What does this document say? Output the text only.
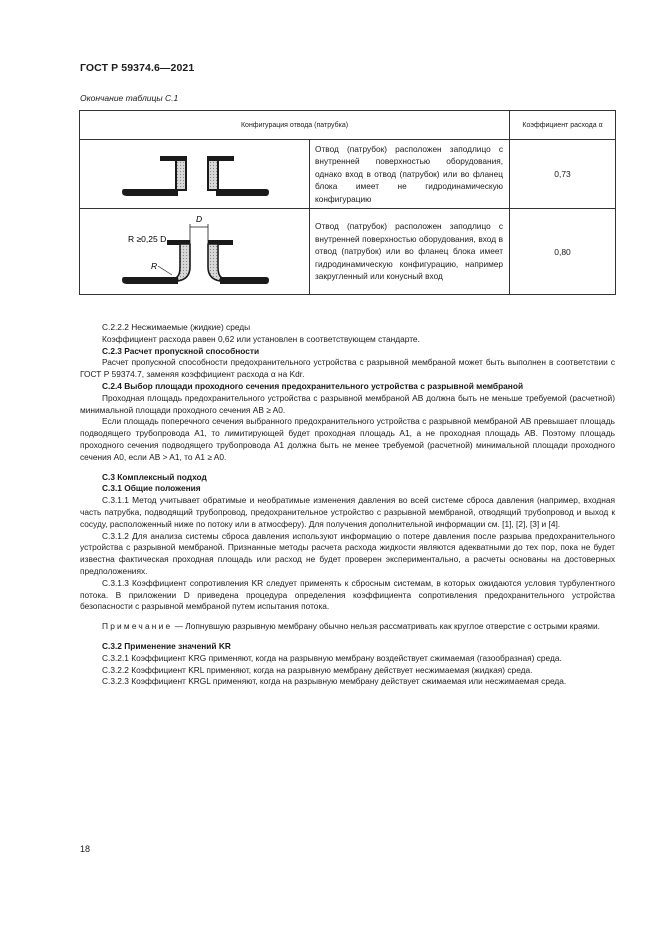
ГОСТ Р 59374.6—2021
Окончание таблицы С.1
Конфигурация отвода (патрубка)		Коэффициент расхода α

	Отвод (патрубок) расположен заподлицо с внутренней поверхностью оборудования, однако вход в отвод (патрубок) или во фланец блока имеет не гидродинамическую конфигурацию	0,73

D
R ≥0,25 D
R	Отвод (патрубок) расположен заподлицо с внутренней поверхностью оборудования, вход в отвод (патрубок) или во фланец блока имеет гидродинамическую конфигурацию, например закругленный или конусный вход	0,80

С.2.2.2 Несжимаемые (жидкие) среды

Коэффициент расхода равен 0,62 или установлен в соответствующем стандарте.

С.2.3 Расчет пропускной способности

Расчет пропускной способности предохранительного устройства с разрывной мембраной может быть выполнен в соответствии с ГОСТ Р 59374.7, заменяя коэффициент расхода α на Kdr.

С.2.4 Выбор площади проходного сечения предохранительного устройства с разрывной мембраной

Проходная площадь предохранительного устройства с разрывной мембраной AB должна быть не меньше требуемой (расчетной) минимальной площади проходного сечения AB ≥ A0.

Если площадь поперечного сечения выбранного предохранительного устройства с разрывной мембраной AB превышает площадь подводящего трубопровода A1, то лимитирующей будет проходная площадь A1, а не проходная площадь AB. Поэтому площадь проходного сечения подводящего трубопровода A1 должна быть не менее требуемой (расчетной) минимальной площади проходного сечения A0, если AB > A1, то A1 ≥ A0.

С.3 Комплексный подход

С.3.1 Общие положения

С.3.1.1 Метод учитывает обратимые и необратимые изменения давления во всей системе сброса давления (например, входная часть патрубка, подводящий трубопровод, предохранительное устройство с разрывной мембраной, отводящий трубопровод и выход к сосуду, расположенный ниже по потоку или в атмосферу). Для получения дополнительной информации см. [1], [2], [3] и [4].

С.3.1.2 Для анализа системы сброса давления используют информацию о потере давления после разрыва предохранительного устройства с разрывной мембраной. Признанные методы расчета расхода жидкости являются адекватными до тех пор, пока не будет известна фактическая проходная площадь или расход не будет проверен экспериментально, а расчеты основаны на достоверных предположениях.

С.3.1.3 Коэффициент сопротивления KR следует применять к сбросным системам, в которых ожидаются условия турбулентного потока. В приложении D приведена процедура определения коэффициента сопротивления предохранительного устройства безопасности с разрывной мембраной путем испытания потока.

Примечание — Лопнувшую разрывную мембрану обычно нельзя рассматривать как круглое отверстие с острыми краями.

С.3.2 Применение значений KR

С.3.2.1 Коэффициент KRG применяют, когда на разрывную мембрану воздействует сжимаемая (газообразная) среда.

С.3.2.2 Коэффициент KRL применяют, когда на разрывную мембрану действует несжимаемая (жидкая) среда.

С.3.2.3 Коэффициент KRGL применяют, когда на разрывную мембрану действует сжимаемая или несжимаемая среда.

18
